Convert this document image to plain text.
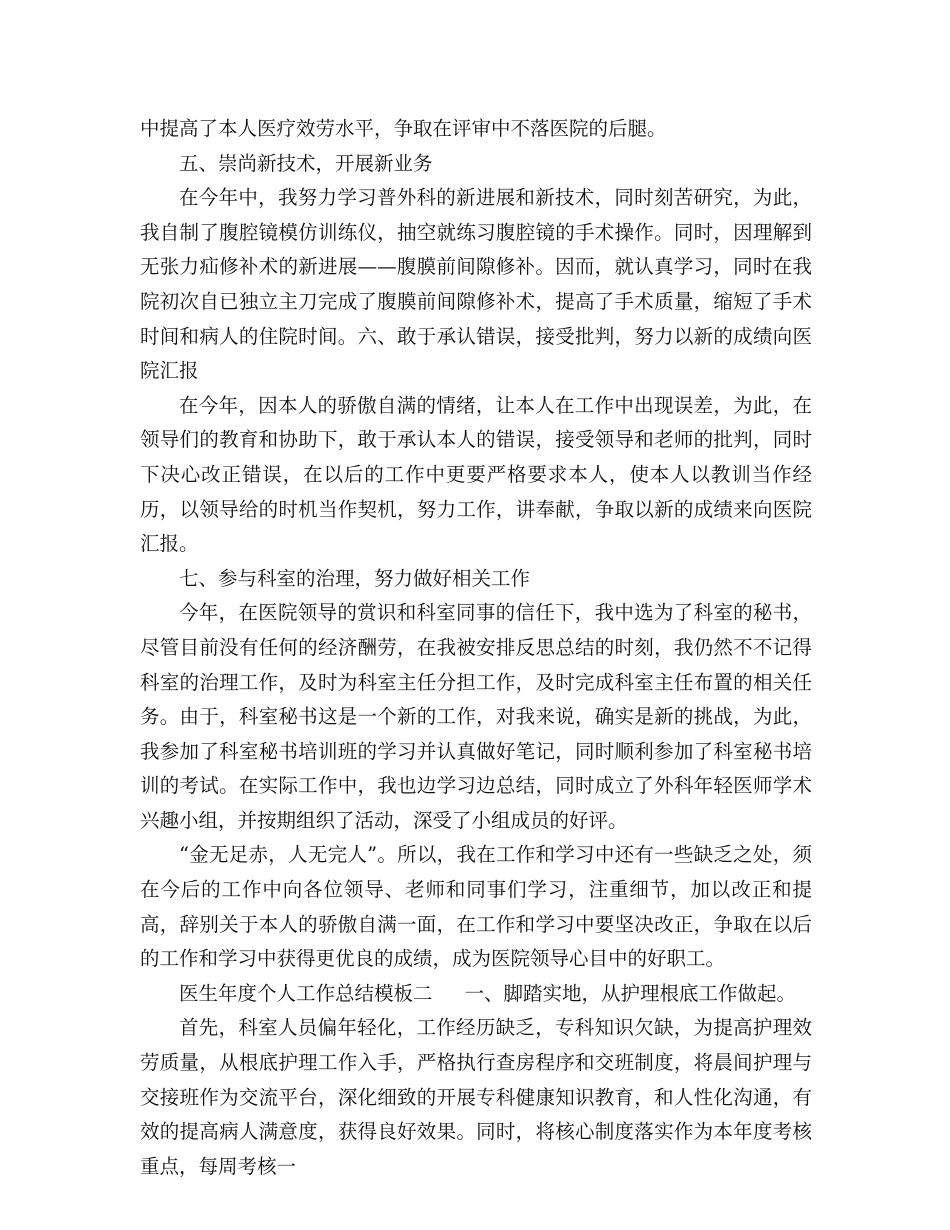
中提高了本人医疗效劳水平，争取在评审中不落医院的后腿。

五、崇尚新技术，开展新业务

在今年中，我努力学习普外科的新进展和新技术，同时刻苦研究，为此，我自制了腹腔镜模仿训练仪，抽空就练习腹腔镜的手术操作。同时，因理解到无张力疝修补术的新进展——腹膜前间隙修补。因而，就认真学习，同时在我院初次自已独立主刀完成了腹膜前间隙修补术，提高了手术质量，缩短了手术时间和病人的住院时间。六、敢于承认错误，接受批判，努力以新的成绩向医院汇报

在今年，因本人的骄傲自满的情绪，让本人在工作中出现误差，为此，在领导们的教育和协助下，敢于承认本人的错误，接受领导和老师的批判，同时下决心改正错误，在以后的工作中更要严格要求本人，使本人以教训当作经历，以领导给的时机当作契机，努力工作，讲奉献，争取以新的成绩来向医院汇报。

七、参与科室的治理，努力做好相关工作

今年，在医院领导的赏识和科室同事的信任下，我中选为了科室的秘书，尽管目前没有任何的经济酬劳，在我被安排反思总结的时刻，我仍然不不记得科室的治理工作，及时为科室主任分担工作，及时完成科室主任布置的相关任务。由于，科室秘书这是一个新的工作，对我来说，确实是新的挑战，为此，我参加了科室秘书培训班的学习并认真做好笔记，同时顺利参加了科室秘书培训的考试。在实际工作中，我也边学习边总结，同时成立了外科年轻医师学术兴趣小组，并按期组织了活动，深受了小组成员的好评。

“金无足赤，人无完人”。所以，我在工作和学习中还有一些缺乏之处，须在今后的工作中向各位领导、老师和同事们学习，注重细节，加以改正和提高，辞别关于本人的骄傲自满一面，在工作和学习中要坚决改正，争取在以后的工作和学习中获得更优良的成绩，成为医院领导心目中的好职工。

医生年度个人工作总结模板二 一、脚踏实地，从护理根底工作做起。

首先，科室人员偏年轻化，工作经历缺乏，专科知识欠缺，为提高护理效劳质量，从根底护理工作入手，严格执行查房程序和交班制度，将晨间护理与交接班作为交流平台，深化细致的开展专科健康知识教育，和人性化沟通，有效的提高病人满意度，获得良好效果。同时，将核心制度落实作为本年度考核重点，每周考核一
